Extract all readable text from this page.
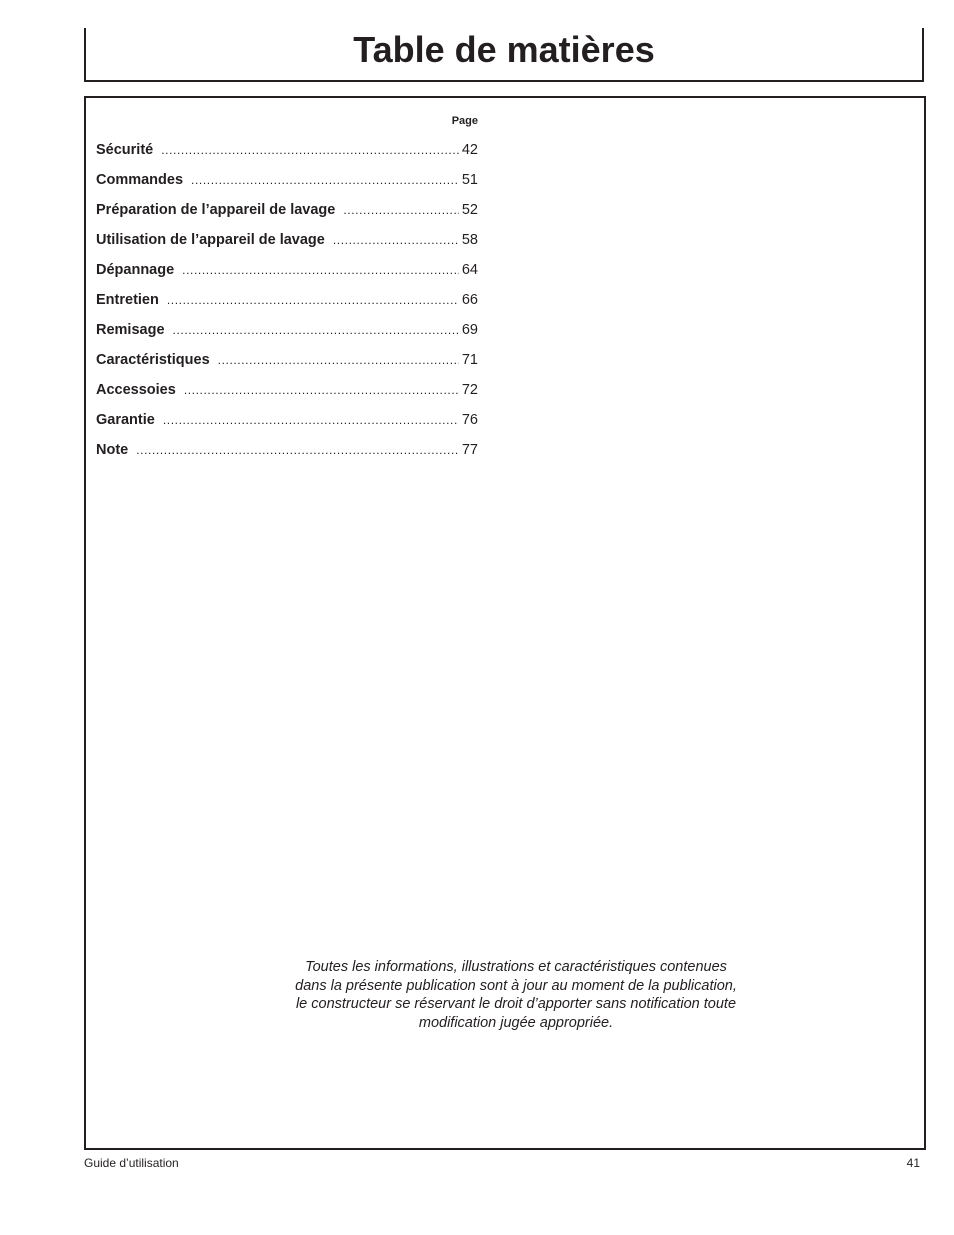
Table de matières
Page
Sécurité .....	42
Commandes .....	51
Préparation de l’appareil de lavage .....	52
Utilisation de l’appareil de lavage .....	58
Dépannage .....	64
Entretien .....	66
Remisage .....	69
Caractéristiques .....	71
Accessoies .....	72
Garantie .....	76
Note .....	77
Toutes les informations, illustrations et caractéristiques contenues
dans la présente publication sont à jour au moment de la publication,
le constructeur se réservant le droit d’apporter sans notification toute
modification jugée appropriée.
Guide d’utilisation	41
